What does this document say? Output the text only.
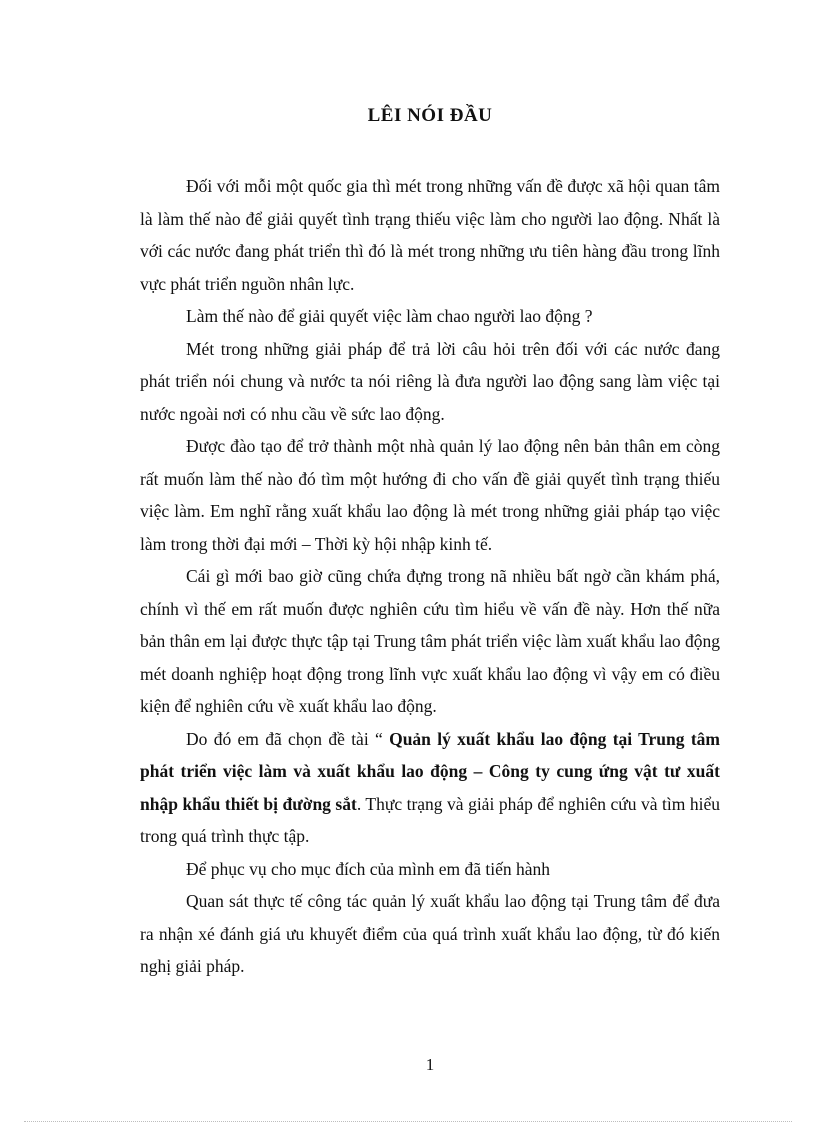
LÊI NÓI ĐẦU

Đối với mỗi một quốc gia thì mét trong những vấn đề được xã hội quan tâm là làm thế nào để giải quyết tình trạng thiếu việc làm cho người lao động. Nhất là với các nước đang phát triển thì đó là mét trong những ưu tiên hàng đầu trong lĩnh vực phát triển nguồn nhân lực.

Làm thế nào để giải quyết việc làm chao người lao động ?

Mét trong những giải pháp để trả lời câu hỏi trên đối với các nước đang phát triển nói chung và nước ta nói riêng là đưa người lao động sang làm việc tại nước ngoài nơi có nhu cầu về sức lao động.

Được đào tạo để trở thành một nhà quản lý lao động nên bản thân em còng rất muốn làm thế nào đó tìm một hướng đi cho vấn đề giải quyết tình trạng thiếu việc làm. Em nghĩ rằng xuất khẩu lao động là mét trong những giải pháp tạo việc làm trong thời đại mới – Thời kỳ hội nhập kinh tế.

Cái gì mới bao giờ cũng chứa đựng trong nã nhiều bất ngờ cần khám phá, chính vì thế em rất muốn được nghiên cứu tìm hiểu về vấn đề này. Hơn thế nữa bản thân em lại được thực tập tại Trung tâm phát triển việc làm xuất khẩu lao động mét doanh nghiệp hoạt động trong lĩnh vực xuất khẩu lao động vì vậy em có điều kiện để nghiên cứu về xuất khẩu lao động.

Do đó em đã chọn đề tài “ Quản lý xuất khẩu lao động tại Trung tâm phát triển việc làm và xuất khẩu lao động – Công ty cung ứng vật tư xuất nhập khẩu thiết bị đường sắt. Thực trạng và giải pháp để nghiên cứu và tìm hiểu trong quá trình thực tập.

Để phục vụ cho mục đích của mình em đã tiến hành

Quan sát thực tế công tác quản lý xuất khẩu lao động tại Trung tâm để đưa ra nhận xé đánh giá ưu khuyết điểm của quá trình xuất khẩu lao động, từ đó kiến nghị giải pháp.

1
